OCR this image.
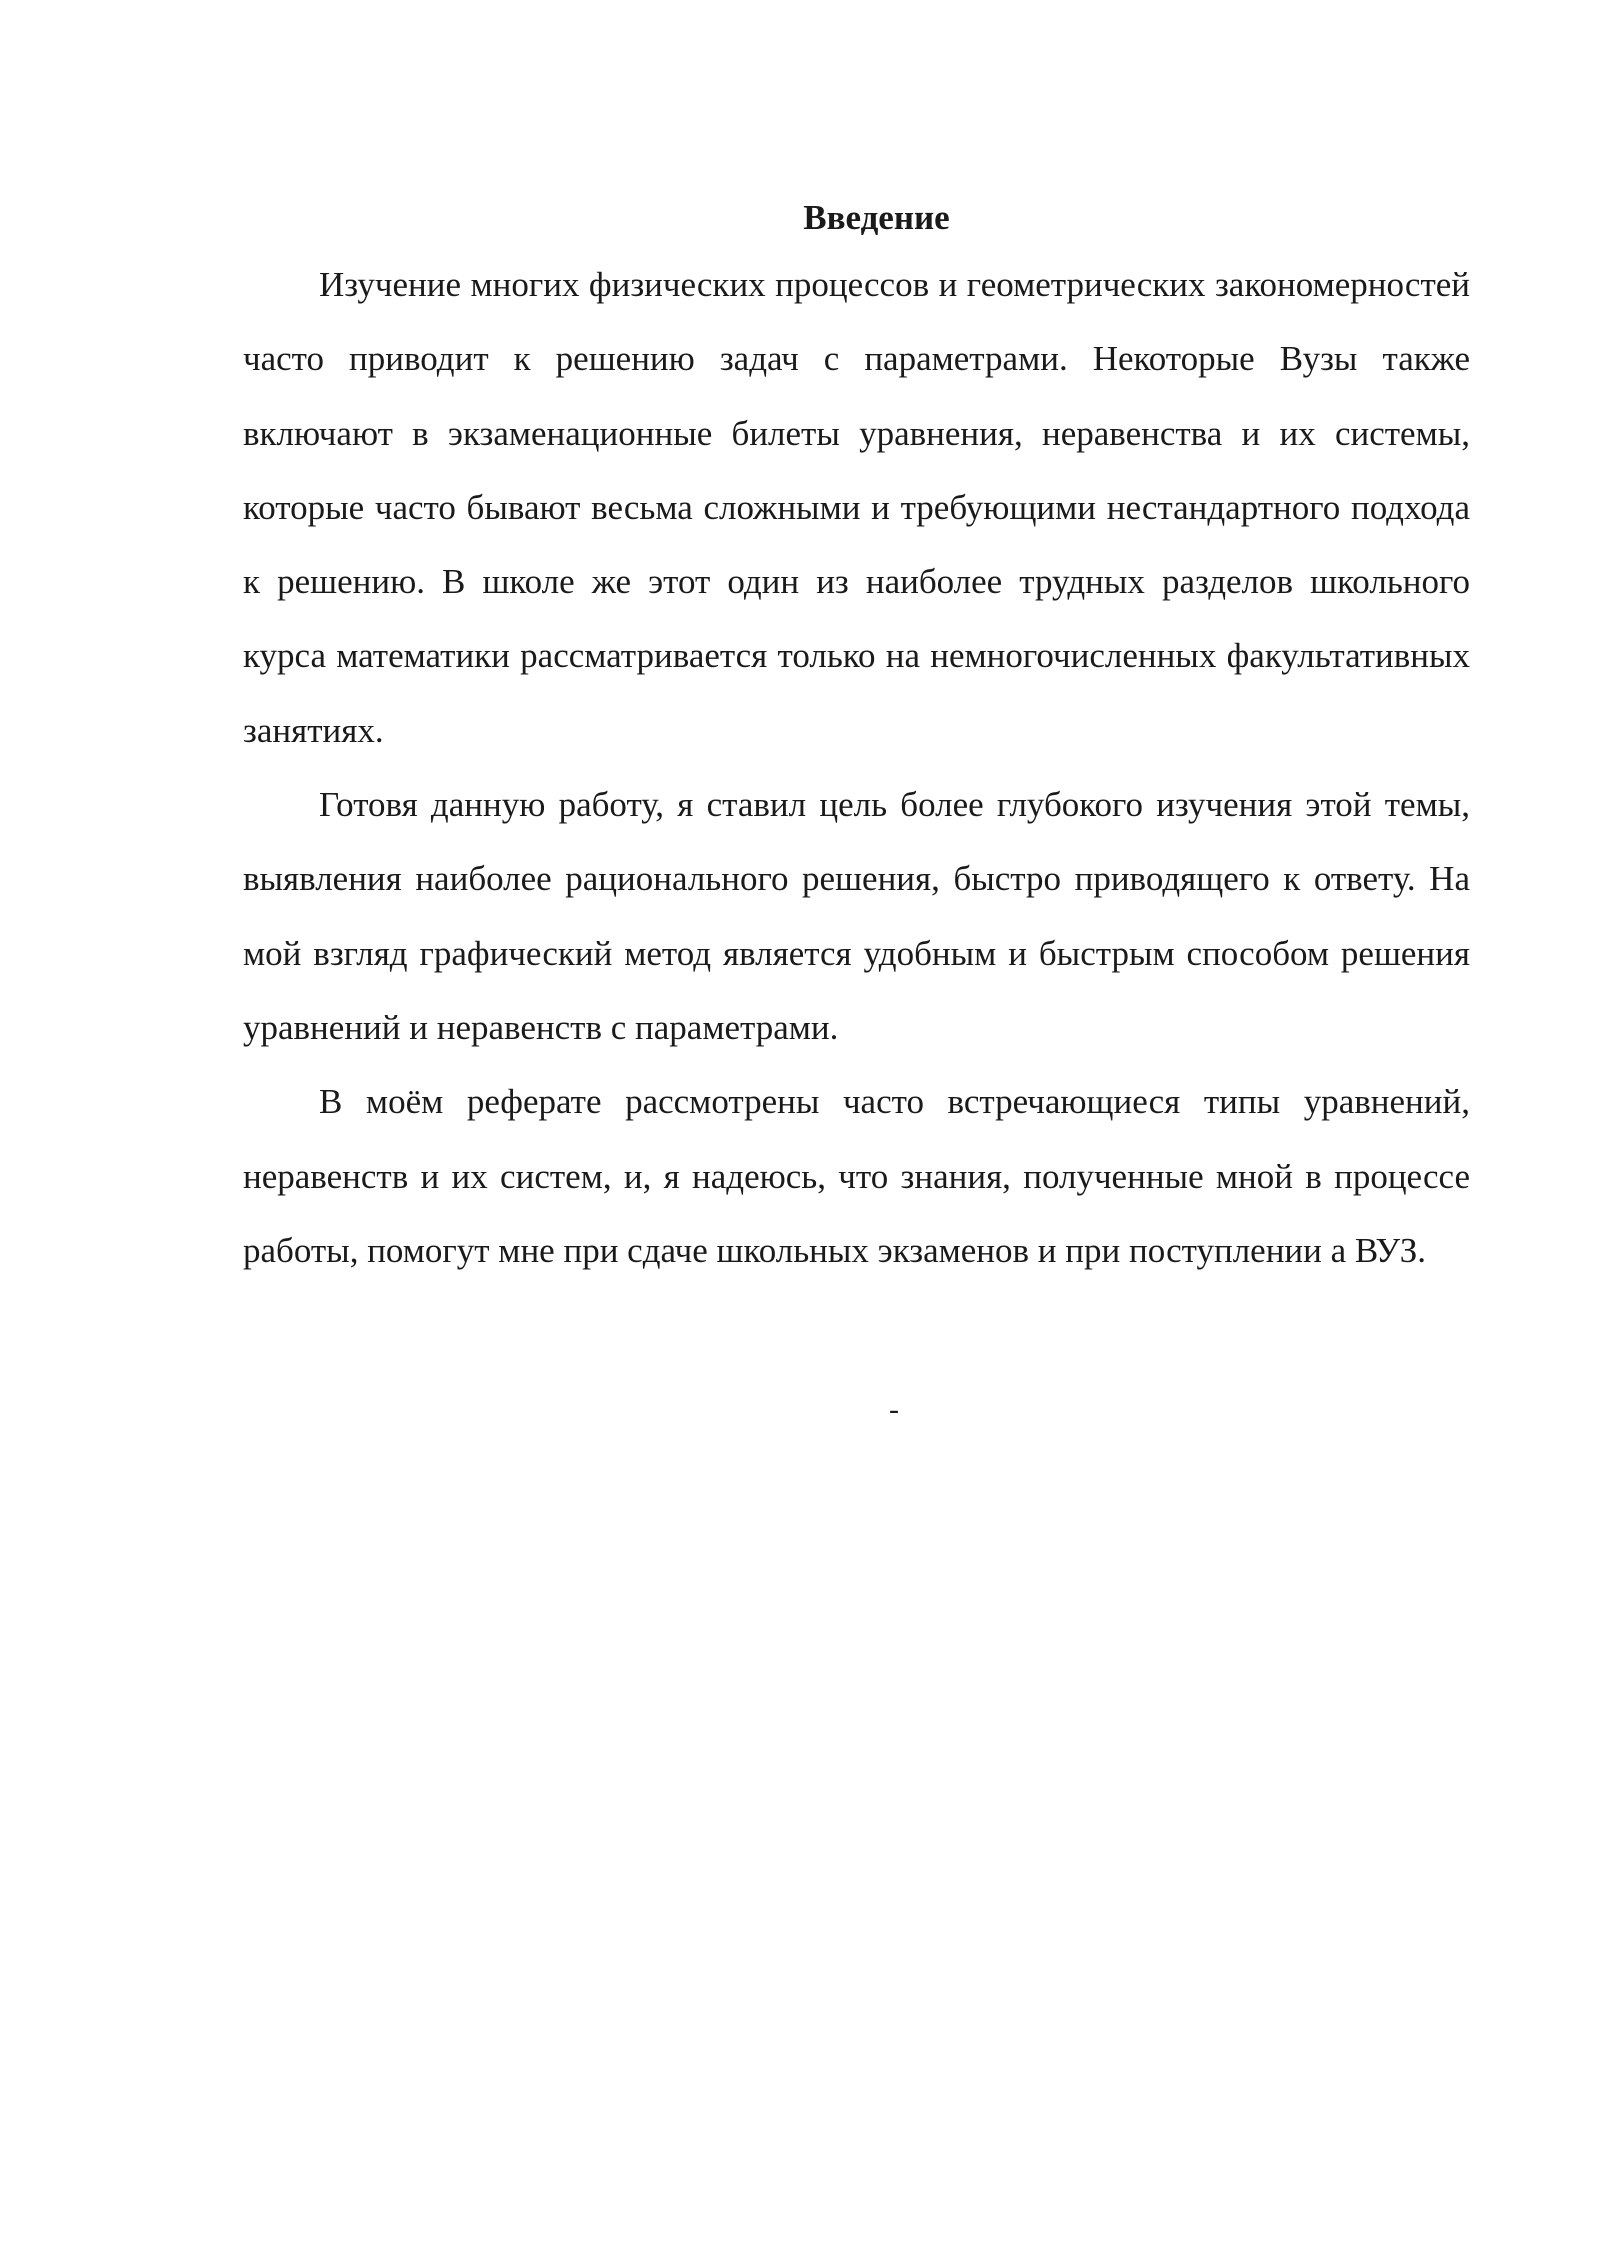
Введение

Изучение многих физических процессов и геометрических закономерностей часто приводит к решению задач с параметрами. Некоторые Вузы также включают в экзаменационные билеты уравнения, неравенства и их системы, которые часто бывают весьма сложными и требующими нестандартного подхода к решению. В школе же этот один из наиболее трудных разделов школьного курса математики рассматривается только на немногочисленных факультативных занятиях.

Готовя данную работу, я ставил цель более глубокого изучения этой темы, выявления наиболее рационального решения, быстро приводящего к ответу. На мой взгляд графический метод является удобным и быстрым способом решения уравнений и неравенств с параметрами.

В моём реферате рассмотрены часто встречающиеся типы уравнений, неравенств и их систем, и, я надеюсь, что знания, полученные мной в процессе работы, помогут мне при сдаче школьных экзаменов и при поступлении а ВУЗ.

-
